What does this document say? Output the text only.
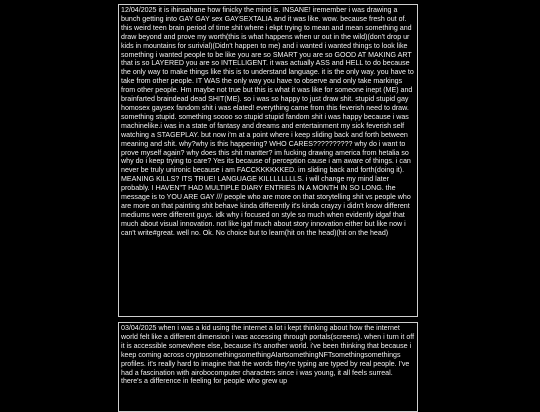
12/04/2025 it is ihinsahane how finicky the mind is. INSANE! iremember i was drawing a bunch getting into GAY GAY sex GAYSEXTALIA and it was like. wow. because fresh out of. this weird teen brain period of time shit where i ekpt trying to mean and mean something and draw beyond and prove my worth(this is what happens when ur out in the wild)(don't drop ur kids in mountains for surivial)(Didn't happen to me) and i wanted i wanted things to look like something i wanted people to be like you are so SMART you are so GOOD AT MAKING ART that is so LAYERED you are so INTELLIGENT. it was actually ASS and HELL to do because the only way to make things like this is to understand language. it is the only way. you have to take from other people. IT WAS the only way you have to observe and only take markings from other people. Hm maybe not true but this is what it was like for someone inept (ME) and brainfarted braindead dead SHIT(ME). so i was so happy to just draw shit. stupid stupid gay homosex gaysex fandom shit i was elated! everything came from this feverish need to draw. something stupid. something soooo so stupid stupid fandom shit i was happy because i was machinelike.i was in a state of fantasy and dreams and entertainment my sick feverish self watching a STAGEPLAY. but now i'm at a point where i keep sliding back and forth between meaning and shit. why?why is this happening? WHO CARES?????????? why do i want to prove myself again? why does this shit mantter? im fucking drawing america from hetalia so why do i keep trying to care? Yes its because of perception cause i am aware of things. i can never be truly unironic because i am FACCKKKKKKED. im sliding back and forth(doing it). MEANING KILLS? ITS TRUE! LANGUAGE KILLLLLLLLS. i will change my mind later probably. I HAVEN"T HAD MULTIPLE DIARY ENTRIES IN A MONTH IN SO LONG. the message is to YOU ARE GAY /// people who are more on that storytelling shit vs people who are more on that painting shit behave kinda differently it's kinda crayzy i didn't know different mediums were different guys. idk why i focused on style so much when evidently idgaf that much about visual innovation. not like igaf much about story innovation either but like now i can't write#great. well no. Ok. No choice but to learn(hit on the head)(hit on the head)

03/04/2025 when i was a kid using the internet a lot i kept thinking about how the internet world felt like a different dimension i was accessing through portals(screens). when i turn it off it is accessible somewhere else, because it's another world. i've been thinking that because i keep coming across cryptosomethingsomethingAIartsomethingNFTsomethingsomethings profiles. it's really hard to imagine that the words they're typing are typed by real people. I've had a fascination with airobocomputer characters since i was young, it all feels surreal. there's a difference in feeling for people who grew up
